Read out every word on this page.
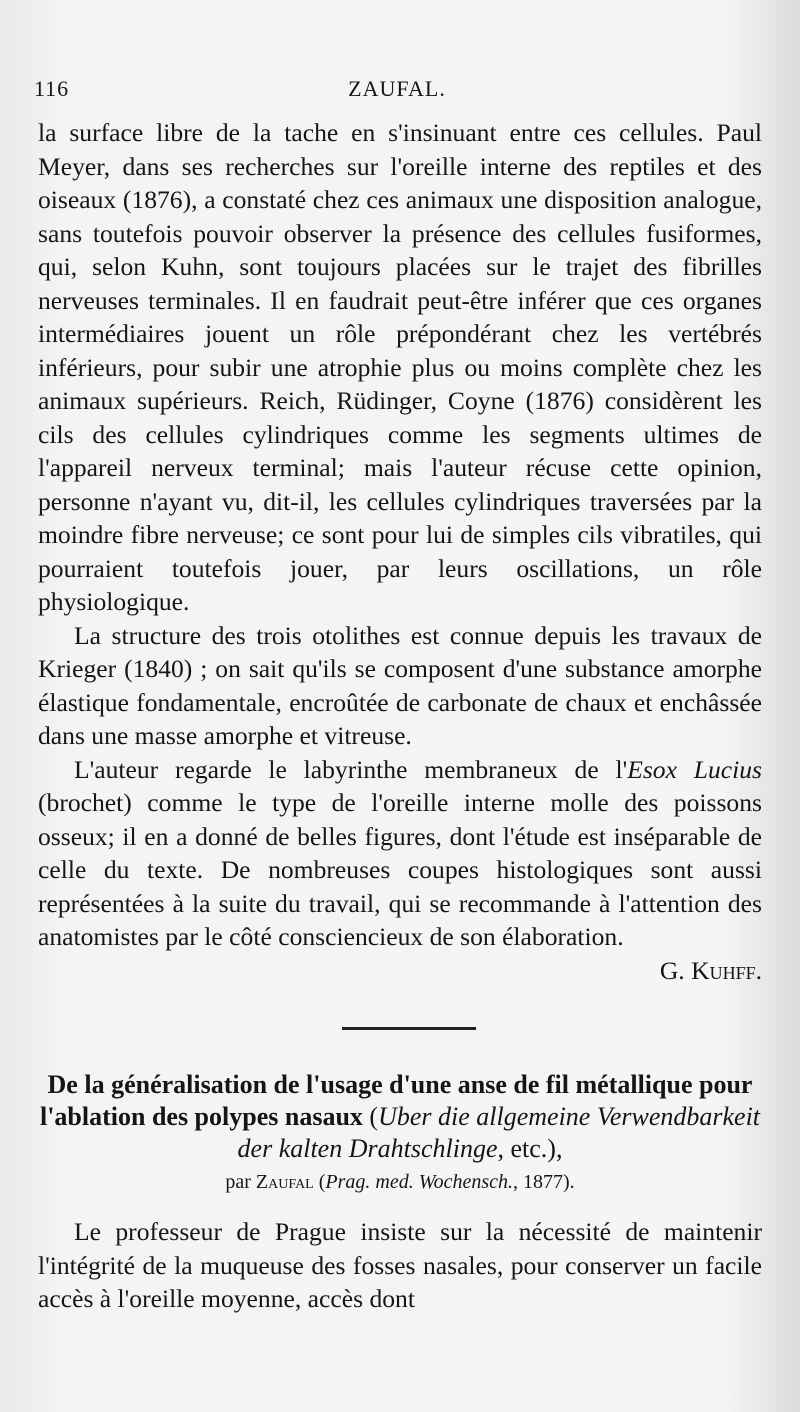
116	ZAUFAL.

la surface libre de la tache en s'insinuant entre ces cellules. Paul Meyer, dans ses recherches sur l'oreille interne des reptiles et des oiseaux (1876), a constaté chez ces animaux une disposition analogue, sans toutefois pouvoir observer la présence des cellules fusiformes, qui, selon Kuhn, sont toujours placées sur le trajet des fibrilles nerveuses terminales. Il en faudrait peut-être inférer que ces organes intermédiaires jouent un rôle prépondérant chez les vertébrés inférieurs, pour subir une atrophie plus ou moins complète chez les animaux supérieurs. Reich, Rüdinger, Coyne (1876) considèrent les cils des cellules cylindriques comme les segments ultimes de l'appareil nerveux terminal; mais l'auteur récuse cette opinion, personne n'ayant vu, dit-il, les cellules cylindriques traversées par la moindre fibre nerveuse; ce sont pour lui de simples cils vibratiles, qui pourraient toutefois jouer, par leurs oscillations, un rôle physiologique.

La structure des trois otolithes est connue depuis les travaux de Krieger (1840) ; on sait qu'ils se composent d'une substance amorphe élastique fondamentale, encroûtée de carbonate de chaux et enchâssée dans une masse amorphe et vitreuse.

L'auteur regarde le labyrinthe membraneux de l'Esox Lucius (brochet) comme le type de l'oreille interne molle des poissons osseux; il en a donné de belles figures, dont l'étude est inséparable de celle du texte. De nombreuses coupes histologiques sont aussi représentées à la suite du travail, qui se recommande à l'attention des anatomistes par le côté consciencieux de son élaboration.

G. Kuhff.

De la généralisation de l'usage d'une anse de fil métallique pour l'ablation des polypes nasaux (Uber die allgemeine Verwendbarkeit der kalten Drahtschlinge, etc.),
par Zaufal (Prag. med. Wochensch., 1877).

Le professeur de Prague insiste sur la nécessité de maintenir l'intégrité de la muqueuse des fosses nasales, pour conserver un facile accès à l'oreille moyenne, accès dont
